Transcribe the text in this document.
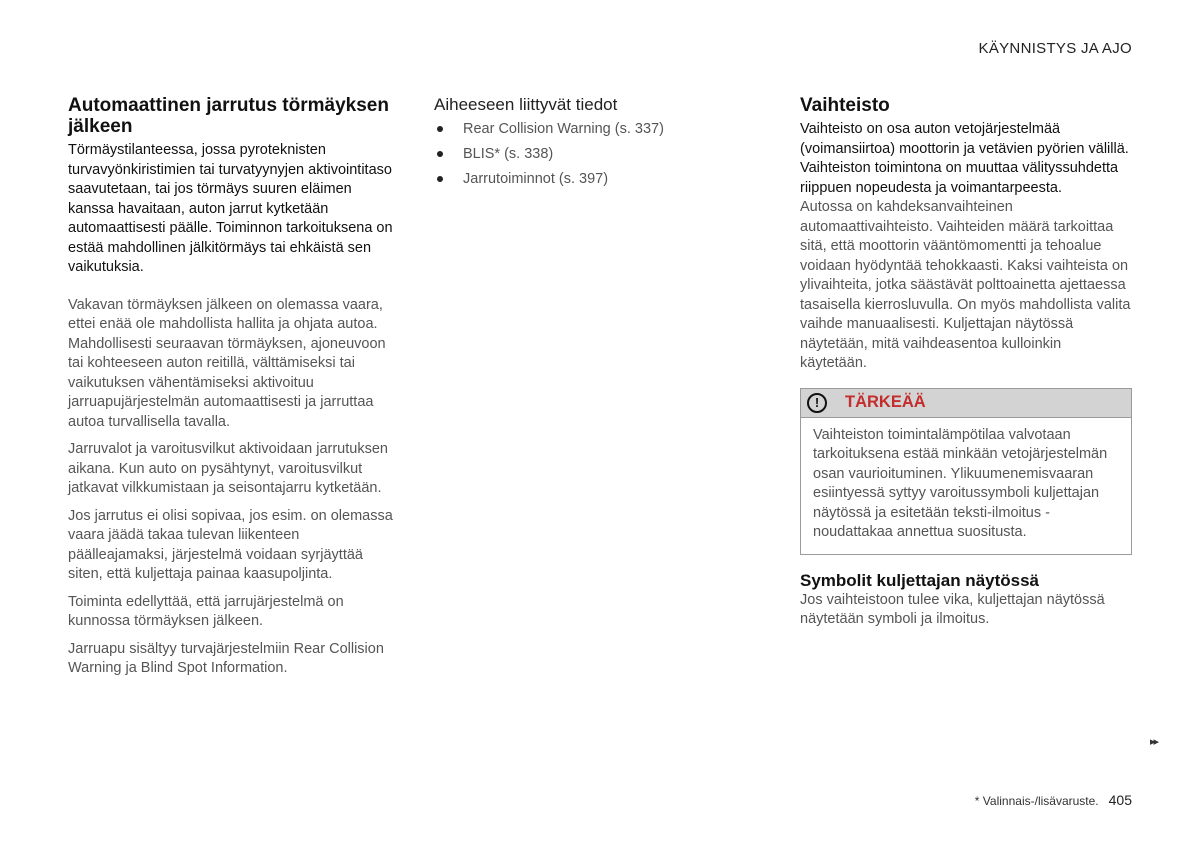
KÄYNNISTYS JA AJO
Automaattinen jarrutus törmäyksen jälkeen

Törmäystilanteessa, jossa pyroteknisten turvavyönkiristimien tai turvatyynyjen aktivointitaso saavutetaan, tai jos törmäys suuren eläimen kanssa havaitaan, auton jarrut kytketään automaattisesti päälle. Toiminnon tarkoituksena on estää mahdollinen jälkitörmäys tai ehkäistä sen vaikutuksia.

Vakavan törmäyksen jälkeen on olemassa vaara, ettei enää ole mahdollista hallita ja ohjata autoa. Mahdollisesti seuraavan törmäyksen, ajoneuvoon tai kohteeseen auton reitillä, välttämiseksi tai vaikutuksen vähentämiseksi aktivoituu jarruapujärjestelmän automaattisesti ja jarruttaa autoa turvallisella tavalla.

Jarruvalot ja varoitusvilkut aktivoidaan jarrutuksen aikana. Kun auto on pysähtynyt, varoitusvilkut jatkavat vilkkumistaan ja seisontajarru kytketään.

Jos jarrutus ei olisi sopivaa, jos esim. on olemassa vaara jäädä takaa tulevan liikenteen päälleajamaksi, järjestelmä voidaan syrjäyttää siten, että kuljettaja painaa kaasupoljinta.

Toiminta edellyttää, että jarrujärjestelmä on kunnossa törmäyksen jälkeen.

Jarruapu sisältyy turvajärjestelmiin Rear Collision Warning ja Blind Spot Information.

Aiheeseen liittyvät tiedot
Rear Collision Warning (s. 337)
BLIS* (s. 338)
Jarrutoiminnot (s. 397)
Vaihteisto

Vaihteisto on osa auton vetojärjestelmää (voimansiirtoa) moottorin ja vetävien pyörien välillä. Vaihteiston toimintona on muuttaa välityssuhdetta riippuen nopeudesta ja voimantarpeesta.

Autossa on kahdeksanvaihteinen automaattivaihteisto. Vaihteiden määrä tarkoittaa sitä, että moottorin vääntömomentti ja tehoalue voidaan hyödyntää tehokkaasti. Kaksi vaihteista on ylivaihteita, jotka säästävät polttoainetta ajettaessa tasaisella kierrosluvulla. On myös mahdollista valita vaihde manuaalisesti. Kuljettajan näytössä näytetään, mitä vaihdeasentoa kulloinkin käytetään.

!	TÄRKEÄÄ

Vaihteiston toimintalämpötilaa valvotaan tarkoituksena estää minkään vetojärjestelmän osan vaurioituminen. Ylikuumenemisvaaran esiintyessä syttyy varoitussymboli kuljettajan näytössä ja esitetään teksti-ilmoitus - noudattakaa annettua suositusta.

Symbolit kuljettajan näytössä

Jos vaihteistoon tulee vika, kuljettajan näytössä näytetään symboli ja ilmoitus.

▸▸
* Valinnais-/lisävaruste. 405
